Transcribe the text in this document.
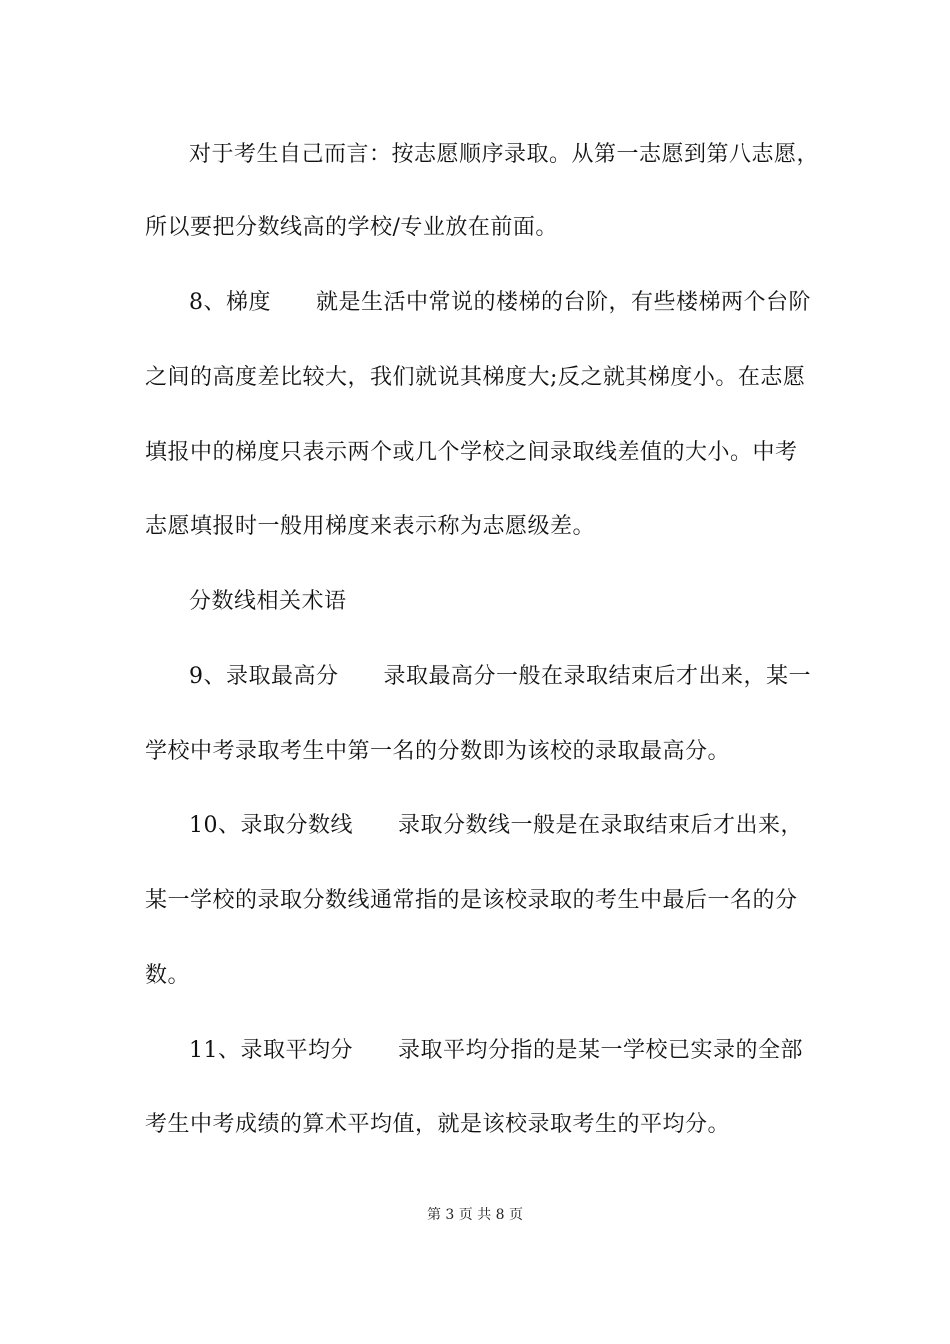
对于考生自己而言：按志愿顺序录取。从第一志愿到第八志愿，
所以要把分数线高的学校/专业放在前面。
8、梯度　　就是生活中常说的楼梯的台阶，有些楼梯两个台阶
之间的高度差比较大，我们就说其梯度大;反之就其梯度小。在志愿
填报中的梯度只表示两个或几个学校之间录取线差值的大小。中考
志愿填报时一般用梯度来表示称为志愿级差。
分数线相关术语
9、录取最高分　　录取最高分一般在录取结束后才出来，某一
学校中考录取考生中第一名的分数即为该校的录取最高分。
10、录取分数线　　录取分数线一般是在录取结束后才出来，
某一学校的录取分数线通常指的是该校录取的考生中最后一名的分
数。
11、录取平均分　　录取平均分指的是某一学校已实录的全部
考生中考成绩的算术平均值，就是该校录取考生的平均分。
第 3 页 共 8 页
